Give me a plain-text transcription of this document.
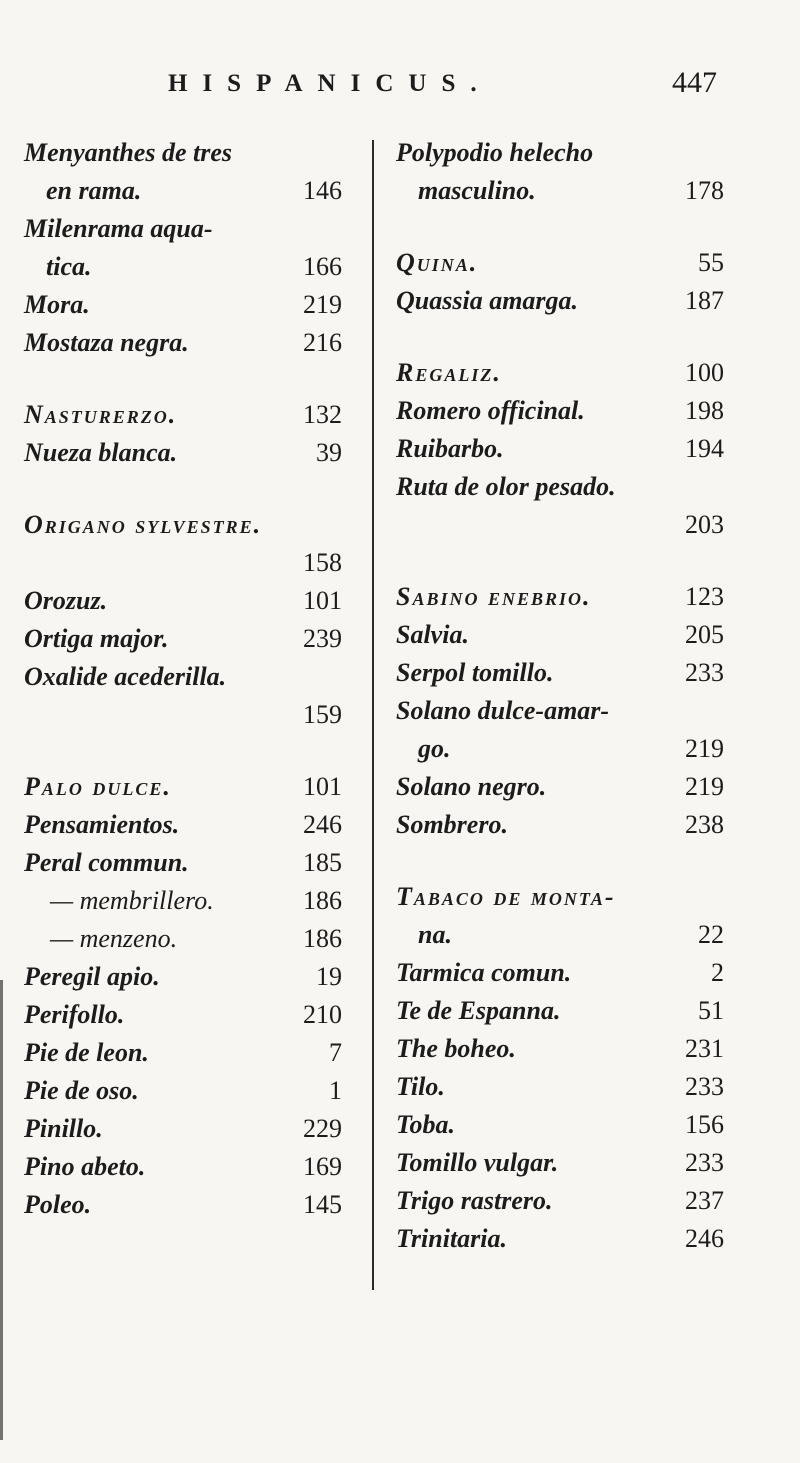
HISPANICUS.	447
Menyanthes de tres
en rama.	146
Milenrama aqua-
tica.	166
Mora.	219
Mostaza negra.	216
Nasturerzo.	132
Nueza blanca.	39
Origano sylvestre.
158
Orozuz.	101
Ortiga major.	239
Oxalide acederilla.
159
Palo dulce.	101
Pensamientos.	246
Peral commun.	185
— membrillero.	186
— menzeno.	186
Peregil apio.	19
Perifollo.	210
Pie de leon.	7
Pie de oso.	1
Pinillo.	229
Pino abeto.	169
Poleo.	145
Polypodio helecho
masculino.	178
Quina.	55
Quassia amarga.	187
Regaliz.	100
Romero officinal.	198
Ruibarbo.	194
Ruta de olor pesado.
203
Sabino enebrio.	123
Salvia.	205
Serpol tomillo.	233
Solano dulce-amar-
go.	219
Solano negro.	219
Sombrero.	238
Tabaco de monta-
na.	22
Tarmica comun.	2
Te de Espanna.	51
The boheo.	231
Tilo.	233
Toba.	156
Tomillo vulgar.	233
Trigo rastrero.	237
Trinitaria.	246
